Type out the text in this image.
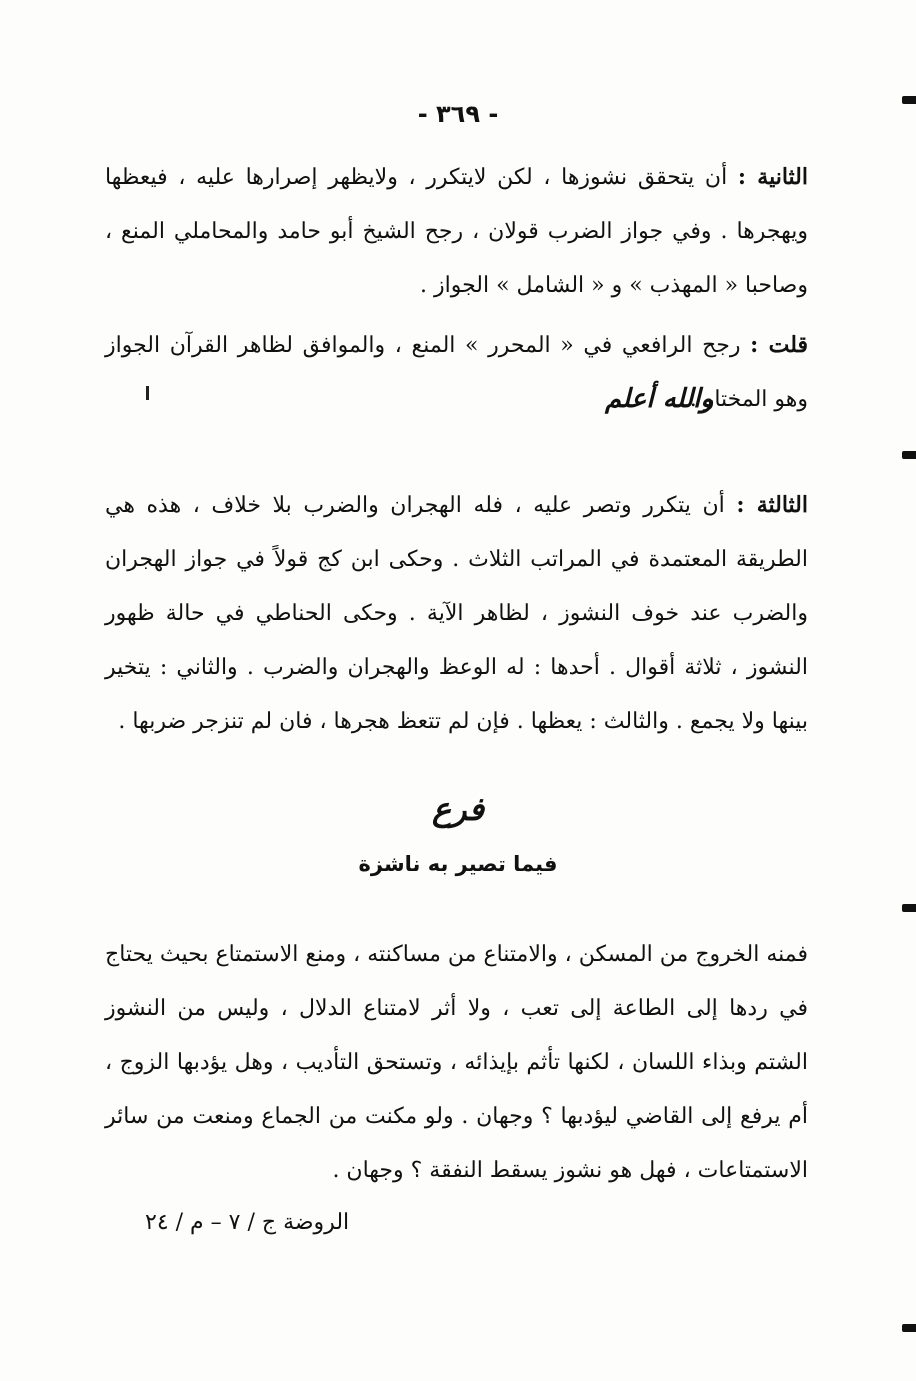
- ٣٦٩ -
الثانية : أن يتحقق نشوزها ، لكن لايتكرر ، ولايظهر إصرارها عليه ، فيعظها ويهجرها . وفي جواز الضرب قولان ، رجح الشيخ أبو حامد والمحاملي المنع ، وصاحبا « المهذب » و « الشامل » الجواز .
قلت : رجح الرافعي في « المحرر » المنع ، والموافق لظاهر القرآن الجواز وهو المختار .
والله أعلم
الثالثة : أن يتكرر وتصر عليه ، فله الهجران والضرب بلا خلاف ، هذه هي الطريقة المعتمدة في المراتب الثلاث . وحكى ابن كج قولاً في جواز الهجران والضرب عند خوف النشوز ، لظاهر الآية . وحكى الحناطي في حالة ظهور النشوز ، ثلاثة أقوال . أحدها : له الوعظ والهجران والضرب . والثاني : يتخير بينها ولا يجمع . والثالث : يعظها . فإن لم تتعظ هجرها ، فان لم تنزجر ضربها .
فرع
فيما تصير به ناشزة
فمنه الخروج من المسكن ، والامتناع من مساكنته ، ومنع الاستمتاع بحيث يحتاج في ردها إلى الطاعة إلى تعب ، ولا أثر لامتناع الدلال ، وليس من النشوز الشتم وبذاء اللسان ، لكنها تأثم بإيذائه ، وتستحق التأديب ، وهل يؤدبها الزوج ، أم يرفع إلى القاضي ليؤدبها ؟ وجهان . ولو مكنت من الجماع ومنعت من سائر الاستمتاعات ، فهل هو نشوز يسقط النفقة ؟ وجهان .
الروضة ج / ٧ – م / ٢٤
